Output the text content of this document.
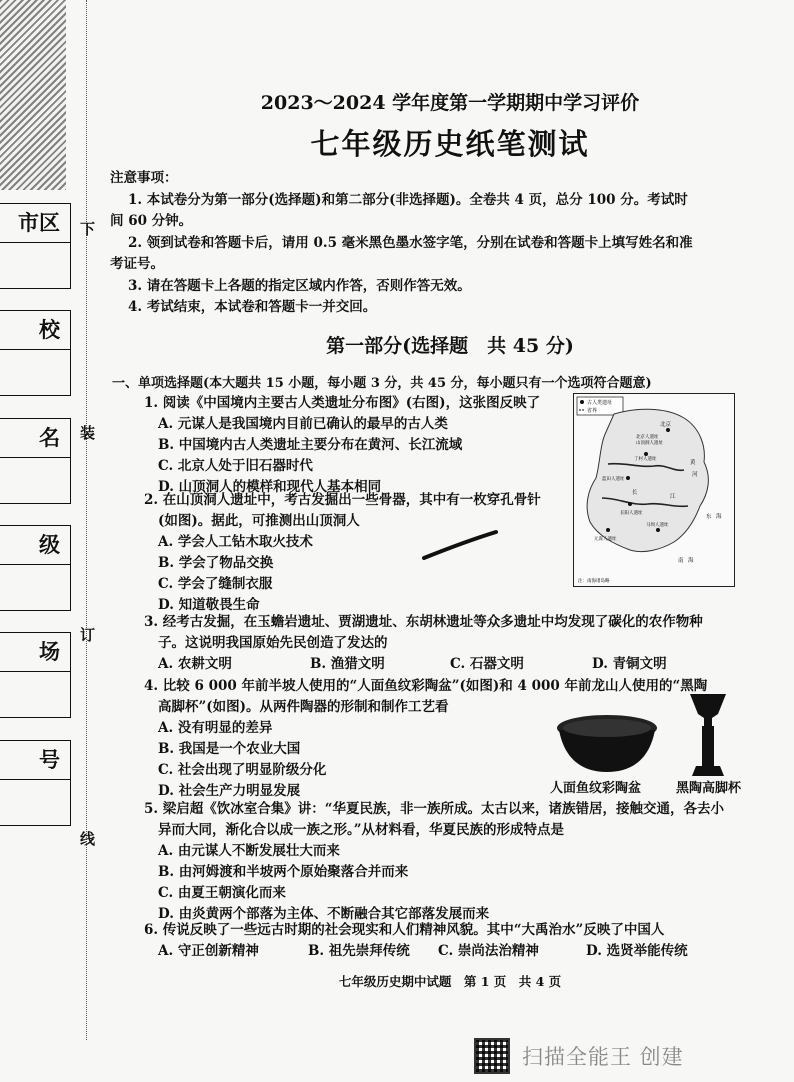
市区
校
名
级
场
号
下
装
订
线
2023～2024 学年度第一学期期中学习评价
七年级历史纸笔测试

注意事项：

1. 本试卷分为第一部分(选择题)和第二部分(非选择题)。全卷共 4 页，总分 100 分。考试时

间 60 分钟。

2. 领到试卷和答题卡后，请用 0.5 毫米黑色墨水签字笔，分别在试卷和答题卡上填写姓名和准

考证号。

3. 请在答题卡上各题的指定区域内作答，否则作答无效。

4. 考试结束，本试卷和答题卡一并交回。

第一部分(选择题　共 45 分)
一、单项选择题(本大题共 15 小题，每小题 3 分，共 45 分，每小题只有一个选项符合题意)

1. 阅读《中国境内主要古人类遗址分布图》(右图)，这张图反映了

A. 元谋人是我国境内目前已确认的最早的古人类

B. 中国境内古人类遗址主要分布在黄河、长江流域

C. 北京人处于旧石器时代

D. 山顶洞人的模样和现代人基本相同

2. 在山顶洞人遗址中，考古发掘出一些骨器，其中有一枚穿孔骨针

(如图)。据此，可推测出山顶洞人

A. 学会人工钻木取火技术

B. 学会了物品交换

C. 学会了缝制衣服

D. 知道敬畏生命

3. 经考古发掘，在玉蟾岩遗址、贾湖遗址、东胡林遗址等众多遗址中均发现了碳化的农作物种

子。这说明我国原始先民创造了发达的

A. 农耕文明	B. 渔猎文明	C. 石器文明	D. 青铜文明

4. 比较 6 000 年前半坡人使用的“人面鱼纹彩陶盆”(如图)和 4 000 年前龙山人使用的“黑陶

高脚杯”(如图)。从两件陶器的形制和制作工艺看

A. 没有明显的差异

B. 我国是一个农业大国

C. 社会出现了明显阶级分化

D. 社会生产力明显发展

5. 梁启超《饮冰室合集》讲：“华夏民族，非一族所成。太古以来，诸族错居，接触交通，各去小

异而大同，渐化合以成一族之形。”从材料看，华夏民族的形成特点是

A. 由元谋人不断发展壮大而来

B. 由河姆渡和半坡两个原始聚落合并而来

C. 由夏王朝演化而来

D. 由炎黄两个部落为主体、不断融合其它部落发展而来

6. 传说反映了一些远古时期的社会现实和人们精神风貌。其中“大禹治水”反映了中国人

A. 守正创新精神	B. 祖先崇拜传统	C. 崇尚法治精神	D. 选贤举能传统
古人类遗址
省界
北京
北京人遗址
山顶洞人遗址
丁村人遗址
蓝田人遗址
黄
河
长
长阳人遗址
江
元谋人遗址
马坝人遗址
东 海
南 海
注：南海诸岛略
人面鱼纹彩陶盆	黑陶高脚杯
七年级历史期中试题　第 1 页　共 4 页
扫描全能王 创建
